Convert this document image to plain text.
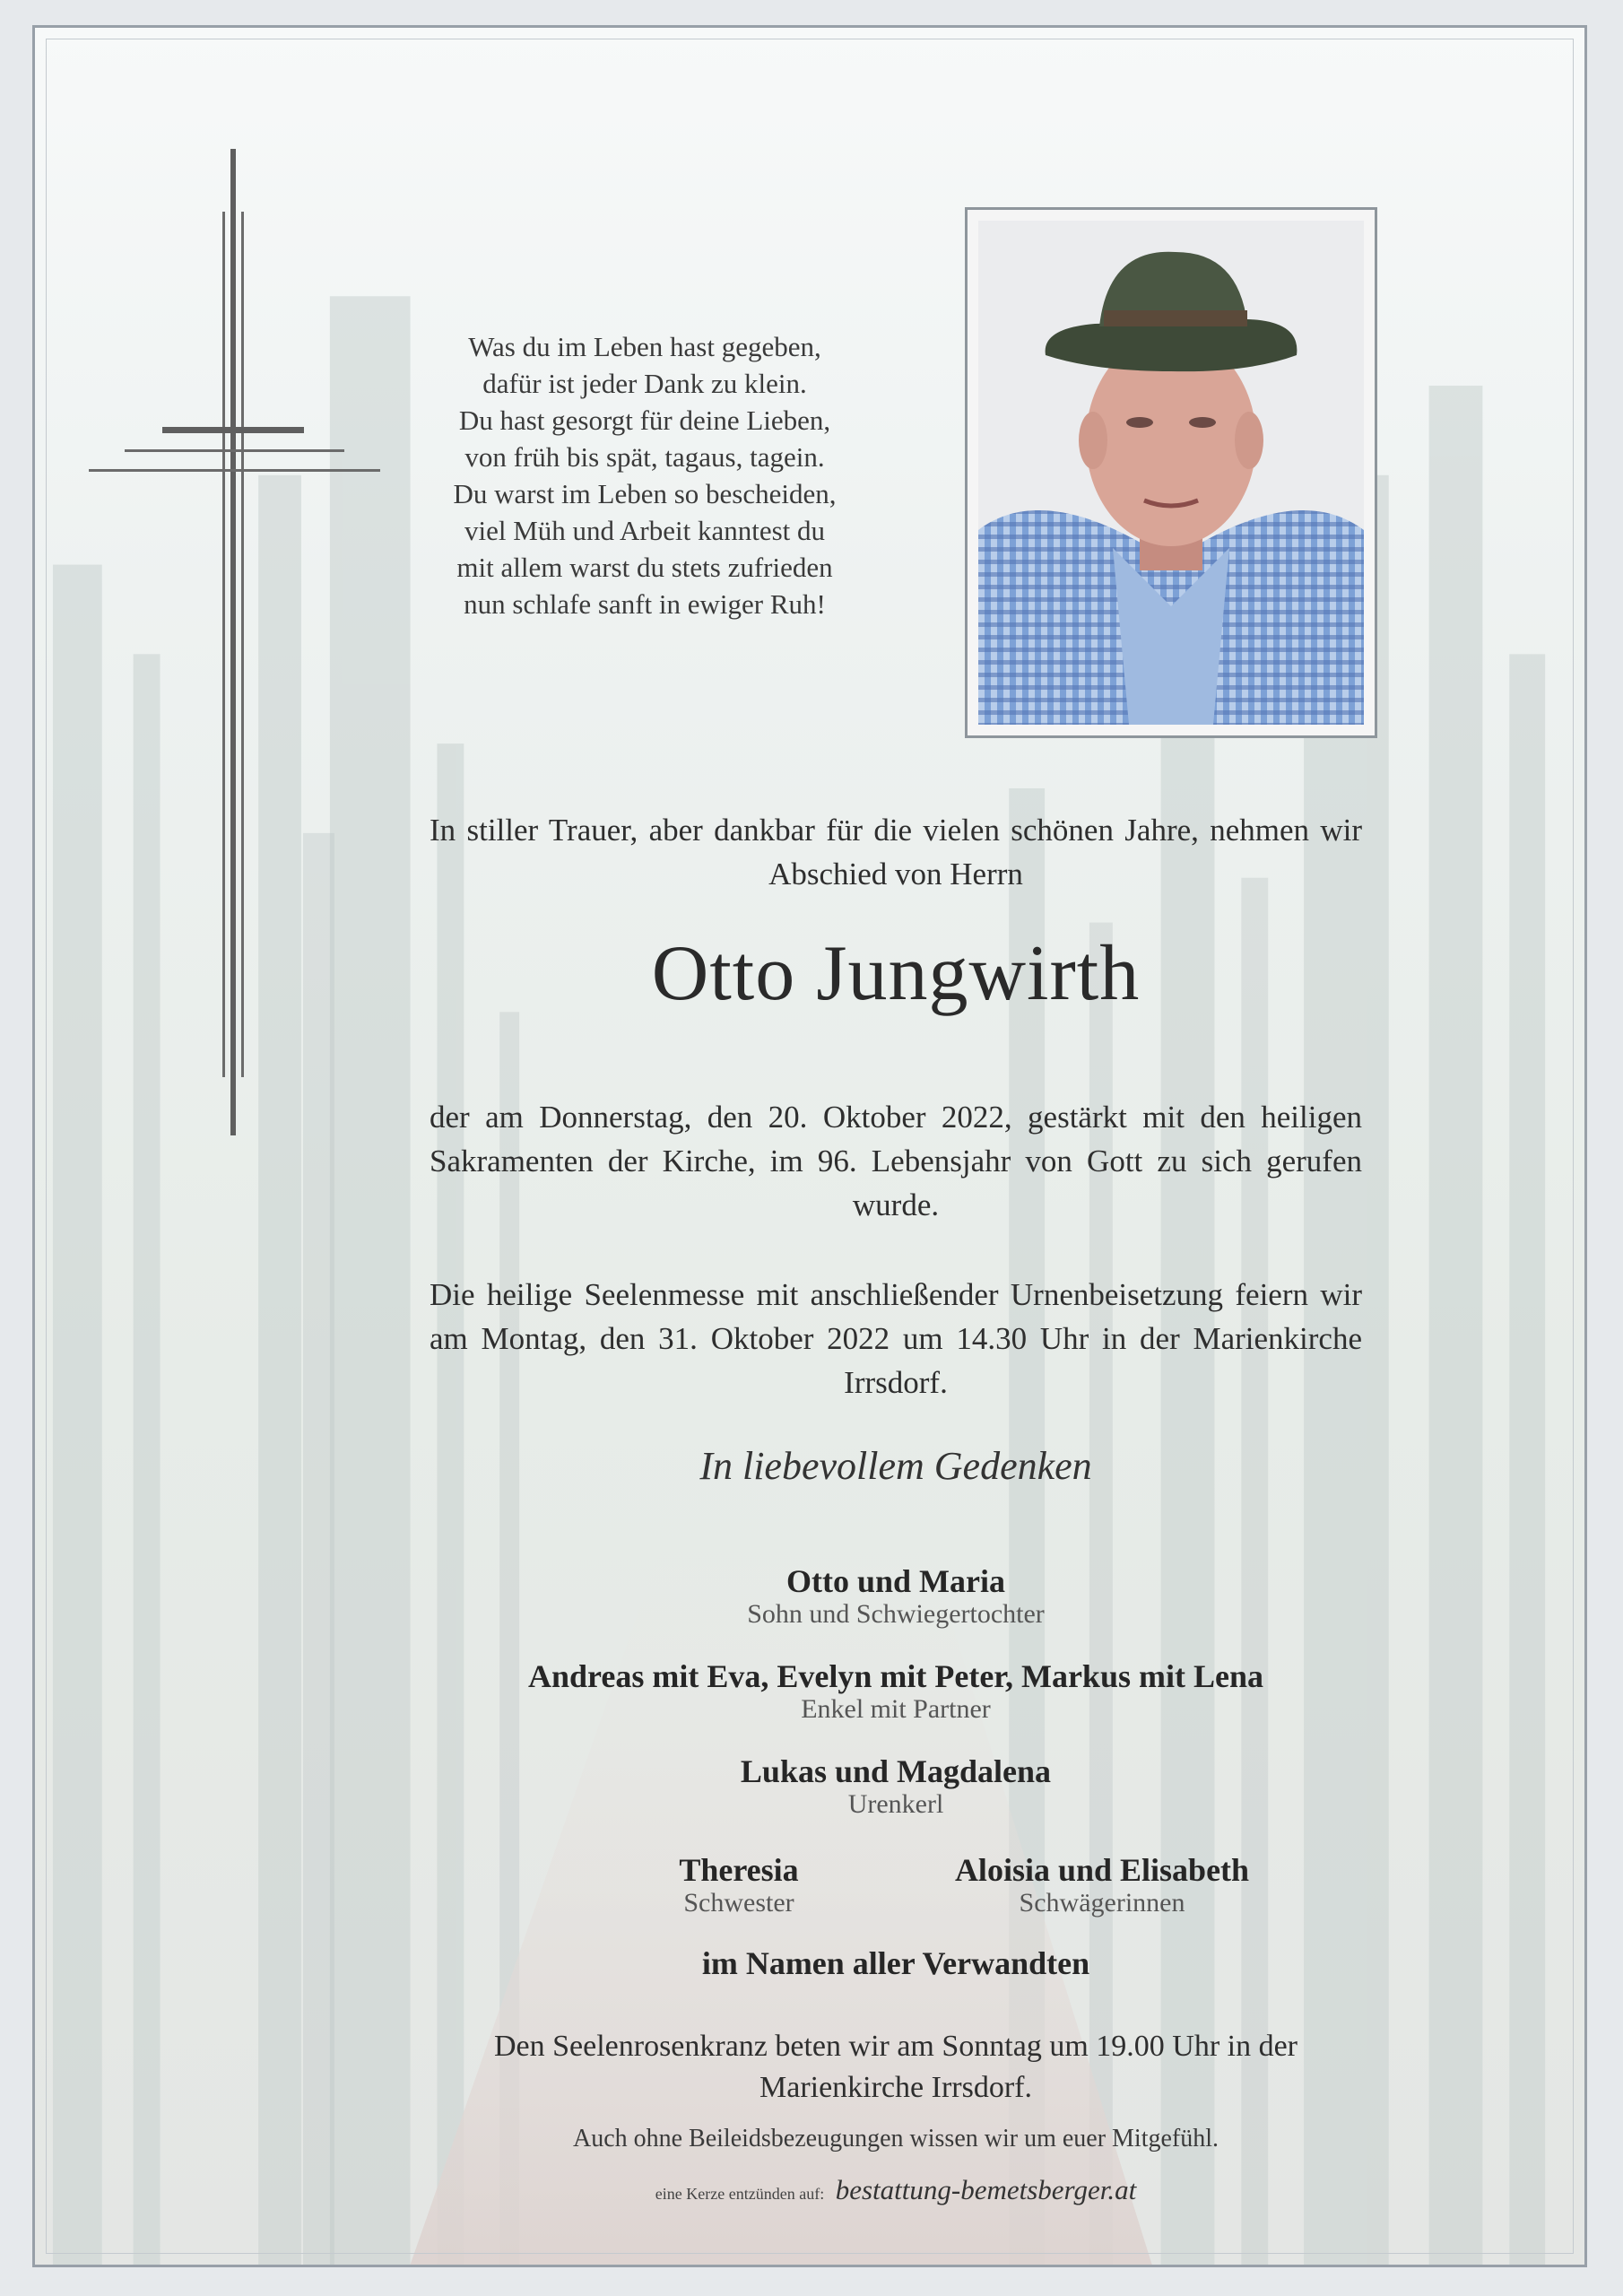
Was du im Leben hast gegeben,
dafür ist jeder Dank zu klein.
Du hast gesorgt für deine Lieben,
von früh bis spät, tagaus, tagein.
Du warst im Leben so bescheiden,
viel Müh und Arbeit kanntest du
mit allem warst du stets zufrieden
nun schlafe sanft in ewiger Ruh!
In stiller Trauer, aber dankbar für die vielen schönen Jahre, nehmen wir Abschied von Herrn
Otto Jungwirth
der am Donnerstag, den 20. Oktober 2022, gestärkt mit den heiligen Sakramenten der Kirche, im 96. Lebensjahr von Gott zu sich gerufen wurde.
Die heilige Seelenmesse mit anschließender Urnenbeisetzung feiern wir am Montag, den 31. Oktober 2022 um 14.30 Uhr in der Marienkirche Irrsdorf.
In liebevollem Gedenken
Otto und Maria
Sohn und Schwiegertochter
Andreas mit Eva, Evelyn mit Peter, Markus mit Lena
Enkel mit Partner
Lukas und Magdalena
Urenkerl
Theresia
Schwester
Aloisia und Elisabeth
Schwägerinnen
im Namen aller Verwandten
Den Seelenrosenkranz beten wir am Sonntag um 19.00 Uhr in der Marienkirche Irrsdorf.
Auch ohne Beileidsbezeugungen wissen wir um euer Mitgefühl.
eine Kerze entzünden auf: bestattung-bemetsberger.at
